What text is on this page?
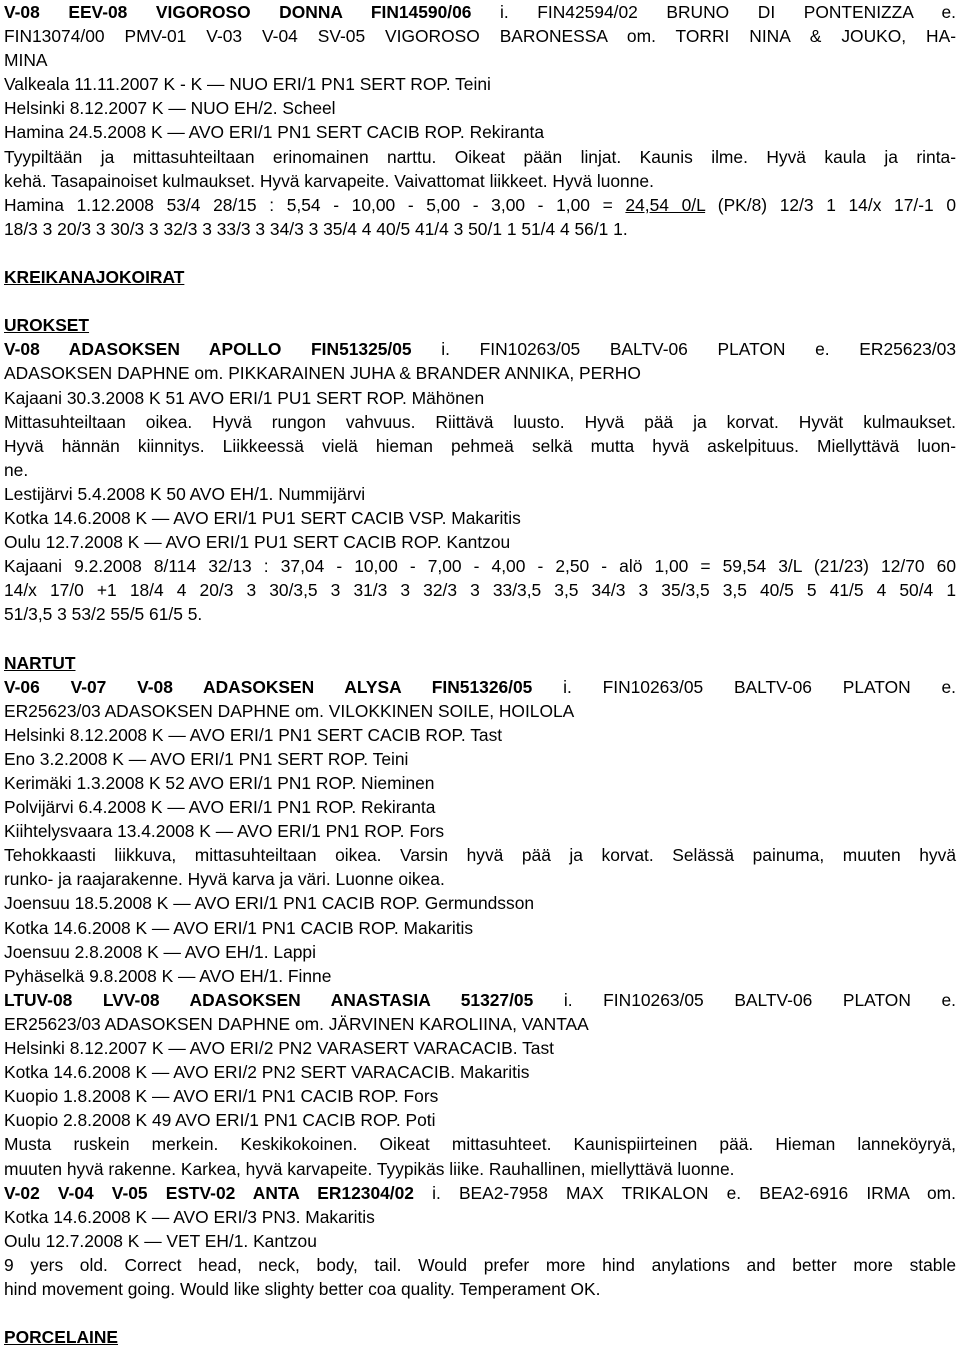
V-08 EEV-08 VIGOROSO DONNA FIN14590/06 i. FIN42594/02 BRUNO DI PONTENIZZA e.
FIN13074/00 PMV-01 V-03 V-04 SV-05 VIGOROSO BARONESSA om. TORRI NINA & JOUKO, HA-
MINA
Valkeala 11.11.2007 K - K — NUO ERI/1 PN1 SERT ROP. Teini
Helsinki 8.12.2007 K — NUO EH/2. Scheel
Hamina 24.5.2008 K — AVO ERI/1 PN1 SERT CACIB ROP. Rekiranta
Tyypiltään ja mittasuhteiltaan erinomainen narttu. Oikeat pään linjat. Kaunis ilme. Hyvä kaula ja rinta-
kehä. Tasapainoiset kulmaukset. Hyvä karvapeite. Vaivattomat liikkeet. Hyvä luonne.
Hamina 1.12.2008 53/4 28/15 : 5,54 - 10,00 - 5,00 - 3,00 - 1,00 = 24,54 0/L (PK/8) 12/3 1 14/x 17/-1 0
18/3 3 20/3 3 30/3 3 32/3 3 33/3 3 34/3 3 35/4 4 40/5 41/4 3 50/1 1 51/4 4 56/1 1.
KREIKANAJOKOIRAT
UROKSET
V-08 ADASOKSEN APOLLO FIN51325/05 i. FIN10263/05 BALTV-06 PLATON e. ER25623/03
ADASOKSEN DAPHNE om. PIKKARAINEN JUHA & BRANDER ANNIKA, PERHO
Kajaani 30.3.2008 K 51 AVO ERI/1 PU1 SERT ROP. Mähönen
Mittasuhteiltaan oikea. Hyvä rungon vahvuus. Riittävä luusto. Hyvä pää ja korvat. Hyvät kulmaukset.
Hyvä hännän kiinnitys. Liikkeessä vielä hieman pehmeä selkä mutta hyvä askelpituus. Miellyttävä luon-
ne.
Lestijärvi 5.4.2008 K 50 AVO EH/1. Nummijärvi
Kotka 14.6.2008 K — AVO ERI/1 PU1 SERT CACIB VSP. Makaritis
Oulu 12.7.2008 K — AVO ERI/1 PU1 SERT CACIB ROP. Kantzou
Kajaani 9.2.2008 8/114 32/13 : 37,04 - 10,00 - 7,00 - 4,00 - 2,50 - alö 1,00 = 59,54 3/L (21/23) 12/70 60
14/x 17/0 +1 18/4 4 20/3 3 30/3,5 3 31/3 3 32/3 3 33/3,5 3,5 34/3 3 35/3,5 3,5 40/5 5 41/5 4 50/4 1
51/3,5 3 53/2 55/5 61/5 5.
NARTUT
V-06 V-07 V-08 ADASOKSEN ALYSA FIN51326/05 i. FIN10263/05 BALTV-06 PLATON e.
ER25623/03 ADASOKSEN DAPHNE om. VILOKKINEN SOILE, HOILOLA
Helsinki 8.12.2008 K — AVO ERI/1 PN1 SERT CACIB ROP. Tast
Eno 3.2.2008 K — AVO ERI/1 PN1 SERT ROP. Teini
Kerimäki 1.3.2008 K 52 AVO ERI/1 PN1 ROP. Nieminen
Polvijärvi 6.4.2008 K — AVO ERI/1 PN1 ROP. Rekiranta
Kiihtelysvaara 13.4.2008 K — AVO ERI/1 PN1 ROP. Fors
Tehokkaasti liikkuva, mittasuhteiltaan oikea. Varsin hyvä pää ja korvat. Selässä painuma, muuten hyvä
runko- ja raajarakenne. Hyvä karva ja väri. Luonne oikea.
Joensuu 18.5.2008 K — AVO ERI/1 PN1 CACIB ROP. Germundsson
Kotka 14.6.2008 K — AVO ERI/1 PN1 CACIB ROP. Makaritis
Joensuu 2.8.2008 K — AVO EH/1. Lappi
Pyhäselkä 9.8.2008 K — AVO EH/1. Finne
LTUV-08 LVV-08 ADASOKSEN ANASTASIA 51327/05 i. FIN10263/05 BALTV-06 PLATON e.
ER25623/03 ADASOKSEN DAPHNE om. JÄRVINEN KAROLIINA, VANTAA
Helsinki 8.12.2007 K — AVO ERI/2 PN2 VARASERT VARACACIB. Tast
Kotka 14.6.2008 K — AVO ERI/2 PN2 SERT VARACACIB. Makaritis
Kuopio 1.8.2008 K — AVO ERI/1 PN1 CACIB ROP. Fors
Kuopio 2.8.2008 K 49 AVO ERI/1 PN1 CACIB ROP. Poti
Musta ruskein merkein. Keskikokoinen. Oikeat mittasuhteet. Kaunispiirteinen pää. Hieman lanneköyryä,
muuten hyvä rakenne. Karkea, hyvä karvapeite. Tyypikäs liike. Rauhallinen, miellyttävä luonne.
V-02 V-04 V-05 ESTV-02 ANTA ER12304/02 i. BEA2-7958 MAX TRIKALON e. BEA2-6916 IRMA om.
Kotka 14.6.2008 K — AVO ERI/3 PN3. Makaritis
Oulu 12.7.2008 K — VET EH/1. Kantzou
9 yers old. Correct head, neck, body, tail. Would prefer more hind anylations and better more stable
hind movement going. Would like slighty better coa quality. Temperament OK.
PORCELAINE
